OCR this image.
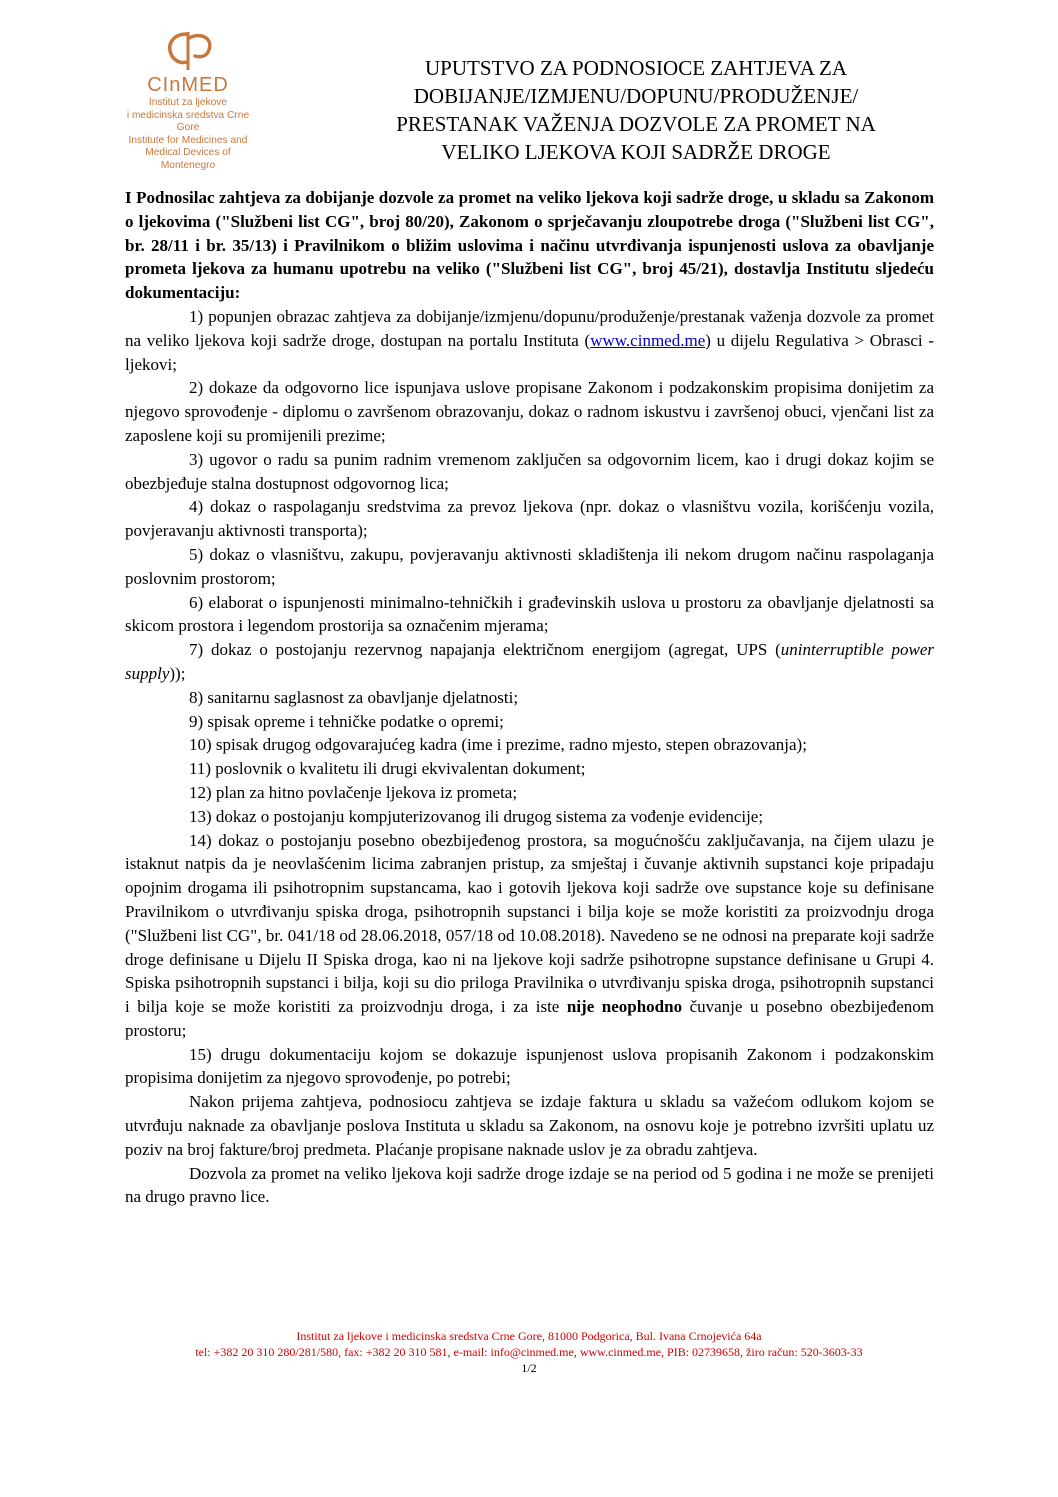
CInMED
Institut za ljekove
i medicinska sredstva Crne Gore
Institute for Medicines and
Medical Devices of Montenegro
UPUTSTVO ZA PODNOSIOCE ZAHTJEVA ZA
DOBIJANJE/IZMJENU/DOPUNU/PRODUŽENJE/
PRESTANAK VAŽENJA DOZVOLE ZA PROMET NA
VELIKO LJEKOVA KOJI SADRŽE DROGE

I Podnosilac zahtjeva za dobijanje dozvole za promet na veliko ljekova koji sadrže droge, u skladu sa Zakonom o ljekovima ("Službeni list CG", broj 80/20), Zakonom o sprječavanju zloupotrebe droga ("Službeni list CG", br. 28/11 i br. 35/13) i Pravilnikom o bližim uslovima i načinu utvrđivanja ispunjenosti uslova za obavljanje prometa ljekova za humanu upotrebu na veliko ("Službeni list CG", broj 45/21), dostavlja Institutu sljedeću dokumentaciju:

1) popunjen obrazac zahtjeva za dobijanje/izmjenu/dopunu/produženje/prestanak važenja dozvole za promet na veliko ljekova koji sadrže droge, dostupan na portalu Instituta (www.cinmed.me) u dijelu Regulativa > Obrasci - ljekovi;

2) dokaze da odgovorno lice ispunjava uslove propisane Zakonom i podzakonskim propisima donijetim za njegovo sprovođenje - diplomu o završenom obrazovanju, dokaz o radnom iskustvu i završenoj obuci, vjenčani list za zaposlene koji su promijenili prezime;

3) ugovor o radu sa punim radnim vremenom zaključen sa odgovornim licem, kao i drugi dokaz kojim se obezbjeđuje stalna dostupnost odgovornog lica;

4) dokaz o raspolaganju sredstvima za prevoz ljekova (npr. dokaz o vlasništvu vozila, korišćenju vozila, povjeravanju aktivnosti transporta);

5) dokaz o vlasništvu, zakupu, povjeravanju aktivnosti skladištenja ili nekom drugom načinu raspolaganja poslovnim prostorom;

6) elaborat o ispunjenosti minimalno-tehničkih i građevinskih uslova u prostoru za obavljanje djelatnosti sa skicom prostora i legendom prostorija sa označenim mjerama;

7) dokaz o postojanju rezervnog napajanja električnom energijom (agregat, UPS (uninterruptible power supply));

8) sanitarnu saglasnost za obavljanje djelatnosti;

9) spisak opreme i tehničke podatke o opremi;

10) spisak drugog odgovarajućeg kadra (ime i prezime, radno mjesto, stepen obrazovanja);

11) poslovnik o kvalitetu ili drugi ekvivalentan dokument;

12) plan za hitno povlačenje ljekova iz prometa;

13) dokaz o postojanju kompjuterizovanog ili drugog sistema za vođenje evidencije;

14) dokaz o postojanju posebno obezbijeđenog prostora, sa mogućnošću zaključavanja, na čijem ulazu je istaknut natpis da je neovlašćenim licima zabranjen pristup, za smještaj i čuvanje aktivnih supstanci koje pripadaju opojnim drogama ili psihotropnim supstancama, kao i gotovih ljekova koji sadrže ove supstance koje su definisane Pravilnikom o utvrđivanju spiska droga, psihotropnih supstanci i bilja koje se može koristiti za proizvodnju droga ("Službeni list CG", br. 041/18 od 28.06.2018, 057/18 od 10.08.2018). Navedeno se ne odnosi na preparate koji sadrže droge definisane u Dijelu II Spiska droga, kao ni na ljekove koji sadrže psihotropne supstance definisane u Grupi 4. Spiska psihotropnih supstanci i bilja, koji su dio priloga Pravilnika o utvrđivanju spiska droga, psihotropnih supstanci i bilja koje se može koristiti za proizvodnju droga, i za iste nije neophodno čuvanje u posebno obezbijeđenom prostoru;

15) drugu dokumentaciju kojom se dokazuje ispunjenost uslova propisanih Zakonom i podzakonskim propisima donijetim za njegovo sprovođenje, po potrebi;

Nakon prijema zahtjeva, podnosiocu zahtjeva se izdaje faktura u skladu sa važećom odlukom kojom se utvrđuju naknade za obavljanje poslova Instituta u skladu sa Zakonom, na osnovu koje je potrebno izvršiti uplatu uz poziv na broj fakture/broj predmeta. Plaćanje propisane naknade uslov je za obradu zahtjeva.

Dozvola za promet na veliko ljekova koji sadrže droge izdaje se na period od 5 godina i ne može se prenijeti na drugo pravno lice.

Institut za ljekove i medicinska sredstva Crne Gore, 81000 Podgorica, Bul. Ivana Crnojevića 64a
tel: +382 20 310 280/281/580, fax: +382 20 310 581, e-mail: info@cinmed.me, www.cinmed.me, PIB: 02739658, žiro račun: 520-3603-33
1/2
